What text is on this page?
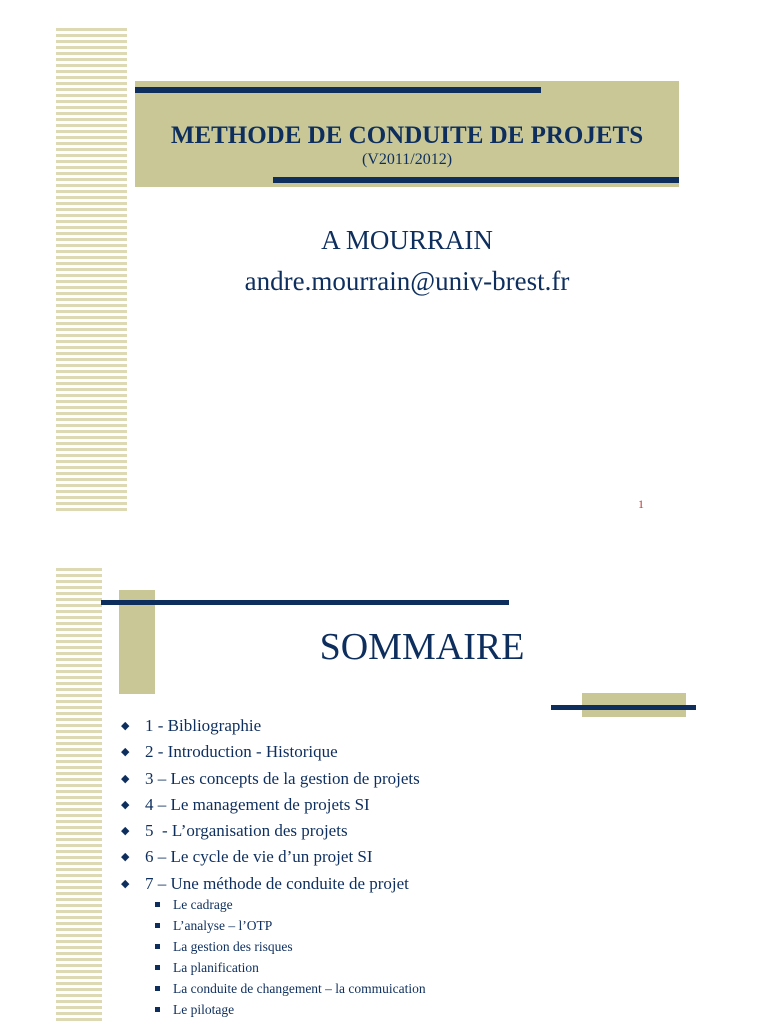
METHODE DE CONDUITE DE PROJETS
(V2011/2012)
A MOURRAIN
andre.mourrain@univ-brest.fr
1
SOMMAIRE
◆ 1 - Bibliographie
◆ 2 - Introduction - Historique
◆ 3 – Les concepts de la gestion de projets
◆ 4 – Le management de projets SI
◆ 5  - L’organisation des projets
◆ 6 – Le cycle de vie d’un projet SI
◆ 7 – Une méthode de conduite de projet
Le cadrage
L’analyse – l’OTP
La gestion des risques
La planification
La conduite de changement – la commuication
Le pilotage
